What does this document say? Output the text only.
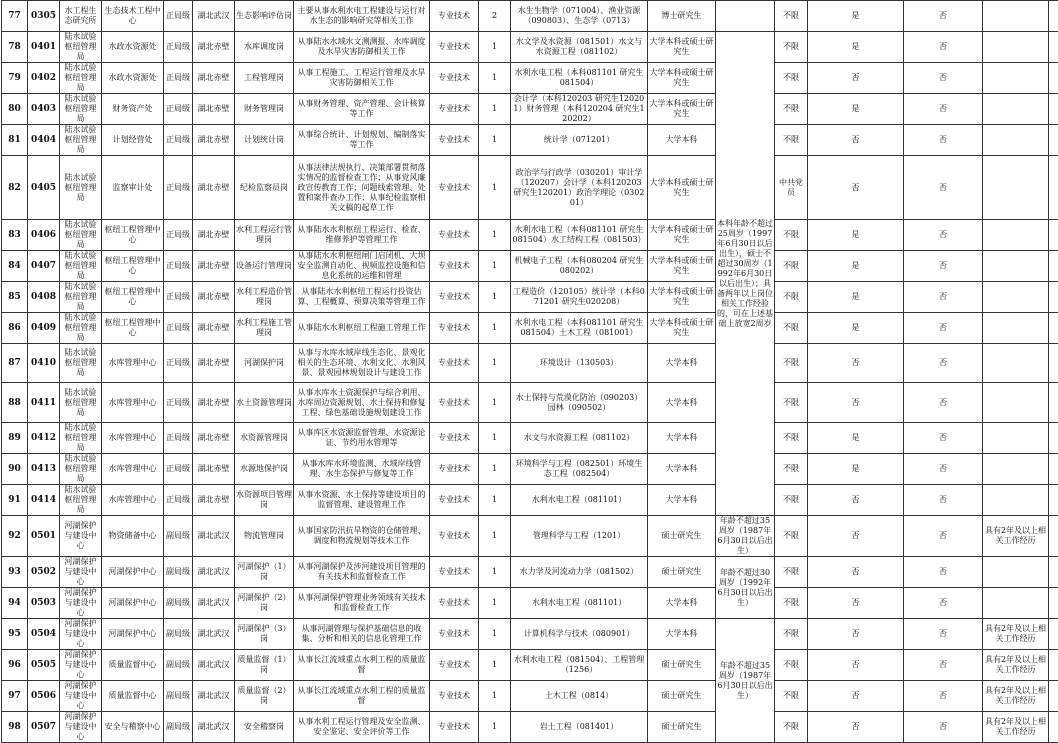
77	0305	水工程生态研究所	生态技术工程中心	正局级	湖北武汉	生态影响评估岗	主要从事水利水电工程建设与运行对水生态的影响研究等相关工作	专业技术	2	水生生物学（071004）、渔业资源（090803）、生态学（0713）	博士研究生		不限	是	否		
78	0401	陆水试验枢纽管理局	水政水资源处	正局级	湖北赤壁	水库调度岗	从事陆水水域水文测测报、水库调度及水旱灾害防御相关工作	专业技术	1	水文学及水资源（081501）水文与水资源工程（081102）	大学本科或硕士研究生	本科年龄不超过25周岁（1997年6月30日以后出生），硕士不超过30周岁（1992年6月30日以后出生）；具备两年以上岗位相关工作经验的，可在上述基础上放宽2周岁	不限	是	否		
79	0402	陆水试验枢纽管理局	水政水资源处	正局级	湖北赤壁	工程管理岗	从事工程施工、工程运行管理及水旱灾害防御相关工作	专业技术	1	水利水电工程（本科081101 研究生081504）	大学本科或硕士研究生		不限	否	否		
80	0403	陆水试验枢纽管理局	财务资产处	正局级	湖北赤壁	财务管理岗	从事财务管理、资产管理、会计核算等工作	专业技术	1	会计学（本科120203 研究生120201）财务管理（本科120204 研究生120202）	大学本科或硕士研究生		不限	是	否		
81	0404	陆水试验枢纽管理局	计划经营处	正局级	湖北赤壁	计划统计岗	从事综合统计、计划规划、编制落实等工作	专业技术	1	统计学（071201）	大学本科		不限	否	否		
82	0405	陆水试验枢纽管理局	监察审计处	正局级	湖北赤壁	纪检监察员岗	从事法律法规执行、决策部署贯彻落实情况的监督检查工作；从事党风廉政宣传教育工作；问题线索管理、处置和案件查办工作；从事纪检监察相关文稿的起草工作	专业技术	1	政治学与行政学（030201）审计学（120207）会计学（本科120203 研究生120201）政治学理论（030201）	大学本科或硕士研究生		中共党员	否	否		
83	0406	陆水试验枢纽管理局	枢纽工程管理中心	正局级	湖北赤壁	水利工程运行管理岗	从事陆水水利枢纽工程运行、检查、维修养护等管理工作	专业技术	1	水利水电工程（本科081101 研究生081504）水工结构工程（081503）	大学本科或硕士研究生		不限	是	否		
84	0407	陆水试验枢纽管理局	枢纽工程管理中心	正局级	湖北赤壁	设备运行管理岗	从事陆水水利枢纽闸门启闭机、大坝安全监测自动化、视频监控设施和信息化系统的运维和管理	专业技术	1	机械电子工程（本科080204 研究生080202）	大学本科或硕士研究生		不限	是	否		
85	0408	陆水试验枢纽管理局	枢纽工程管理中心	正局级	湖北赤壁	水利工程造价管理岗	从事陆水水利枢纽工程运行投资估算、工程概算、预算决策等管理工作	专业技术	1	工程造价（120105）统计学（本科071201 研究生020208）	大学本科或硕士研究生		不限	是	否		
86	0409	陆水试验枢纽管理局	枢纽工程管理中心	正局级	湖北赤壁	水利工程施工管理岗	从事陆水水利枢纽工程施工管理工作	专业技术	1	水利水电工程（本科081101 研究生081504）土木工程（081001）	大学本科或硕士研究生		不限	是	否		
87	0410	陆水试验枢纽管理局	水库管理中心	正局级	湖北赤壁	河湖保护岗	从事与水库水域岸线生态化、景观化相关的生态环境、水利文化、水利风景、景观园林规划设计与建设工作	专业技术	1	环境设计（130503）	大学本科		不限	否	否		
88	0411	陆水试验枢纽管理局	水库管理中心	正局级	湖北赤壁	水土资源管理岗	从事水库水土资源保护与综合利用、水库周边资源规划、水土保持和修复工程、绿色基础设施规划建设工作	专业技术	1	水土保持与荒漠化防治（090203）园林（090502）	大学本科		不限	否	否		
89	0412	陆水试验枢纽管理局	水库管理中心	正局级	湖北赤壁	水资源管理岗	从事库区水资源监督管理、水资源论证、节约用水管理等	专业技术	1	水文与水资源工程（081102）	大学本科		不限	是	否		
90	0413	陆水试验枢纽管理局	水库管理中心	正局级	湖北赤壁	水源地保护岗	从事水库水环境监测、水域岸线管理、水生态保护与修复等工作	专业技术	1	环境科学与工程（082501）环境生态工程（082504）	大学本科		不限	是	否		
91	0414	陆水试验枢纽管理局	水库管理中心	正局级	湖北赤壁	水资源项目管理岗	从事水资源、水土保持等建设项目的监督管理、建设管理工作	专业技术	1	水利水电工程（081101）	大学本科		不限	否	否		
92	0501	河湖保护与建设中心	物资储备中心	副局级	湖北武汉	物流管理岗	从事国家防汛抗旱物资的仓储管理、调度和物流规划等技术工作	专业技术	1	管理科学与工程（1201）	硕士研究生	年龄不超过35周岁（1987年6月30日以后出生）	不限	否	否	具有2年及以上相关工作经历	
93	0502	河湖保护与建设中心	河湖保护中心	副局级	湖北武汉	河湖保护（1）岗	从事河湖保护及涉河建设项目管理的有关技术和监督检查工作	专业技术	1	水力学及河流动力学（081502）	硕士研究生	年龄不超过30周岁（1992年6月30日以后出生）	不限	否	否		
94	0503	河湖保护与建设中心	河湖保护中心	副局级	湖北武汉	河湖保护（2）岗	从事河湖保护管理业务领域有关技术和监督检查工作	专业技术	1	水利水电工程（081101）	大学本科		不限	否	否		
95	0504	河湖保护与建设中心	河湖保护中心	副局级	湖北武汉	河湖保护（3）岗	从事河湖管理与保护基础信息的收集、分析和相关的信息化管理工作	专业技术	1	计算机科学与技术（080901）	大学本科	年龄不超过35周岁（1987年6月30日以后出生）	不限	否	否	具有2年及以上相关工作经历	
96	0505	河湖保护与建设中心	质量监督中心	副局级	湖北武汉	质量监督（1）岗	从事长江流域重点水利工程的质量监督	专业技术	1	水利水电工程（081504）、工程管理（1256）	硕士研究生		不限	否	否	具有2年及以上相关工作经历	
97	0506	河湖保护与建设中心	质量监督中心	副局级	湖北武汉	质量监督（2）岗	从事长江流域重点水利工程的质量监督	专业技术	1	土木工程（0814）	硕士研究生		不限	否	否	具有2年及以上相关工作经历	
98	0507	河湖保护与建设中心	安全与稽察中心	副局级	湖北武汉	安全稽察岗	从事水利工程运行管理及安全监测、安全鉴定、安全评价等工作	专业技术	1	岩土工程（081401）	硕士研究生		不限	否	否	具有2年及以上相关工作经历	
